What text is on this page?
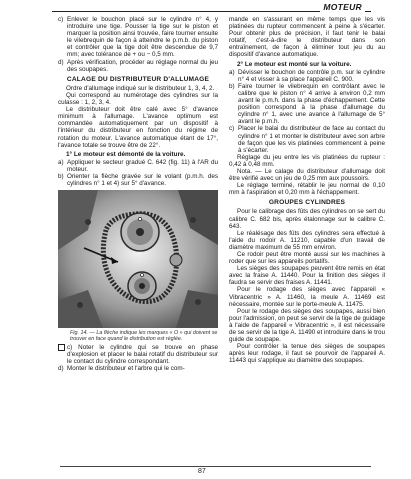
MOTEUR

c) Enlever le bouchon placé sur le cylindre n° 4, y introduire une tige. Pousser la tige sur le piston et marquer la position ainsi trouvée, faire tourner ensuite le vilebrequin de façon à atteindre le p.m.b. du piston et contrôler que la tige doit être descendue de 9,7 mm; avec tolérance de + ou − 0,5 mm.

d) Après vérification, procéder au réglage normal du jeu des soupapes.

CALAGE DU DISTRIBUTEUR D'ALLUMAGE

Ordre d'allumage indiqué sur le distributeur 1, 3, 4, 2.

Qui correspond au numérotage des cylindres sur la culasse : 1, 2, 3, 4.

Le distributeur doit être calé avec 5° d'avance minimum à l'allumage. L'avance optimum est commandée automatiquement par un dispositif à l'intérieur du distributeur en fonction du régime de rotation du moteur. L'avance automatique étant de 17°, l'avance totale se trouve être de 22°.

1° Le moteur est démonté de la voiture.

a) Appliquer le secteur gradué C. 642 (fig. 11) à l'AR du moteur.

b) Orienter la flèche gravée sur le volant (p.m.h. des cylindres n° 1 et 4) sur 5° d'avance.

Fig. 14. — La flèche indique les marques « O » qui doivent se trouver en face quand le distribution est réglée.

c) Noter le cylindre qui se trouve en phase d'explosion et placer le balai rotatif du distributeur sur le contact du cylindre correspondant.

d) Monter le distributeur et l'arbre qui le com-

mande en s'assurant en même temps que les vis platinées du rupteur commencent à peine à s'écarter. Pour obtenir plus de précision, il faut tenir le balai rotatif, c'est-à-dire le distributeur dans son entraînement, de façon à éliminer tout jeu du au dispositif d'avance automatique.

2° Le moteur est monté sur la voiture.

a) Dévisser le bouchon de contrôle p.m. sur le cylindre n° 4 et visser à sa place l'appareil C. 900.

b) Faire tourner le vilebrequin en contrôlant avec le calibre que le piston n° 4 arrive à environ 0,2 mm avant le p.m.h. dans la phase d'échappement. Cette position correspond à la phase d'allumage du cylindre n° 1, avec une avance à l'allumage de 5° avant le p.m.h.

c) Placer le balai du distributeur de face au contact du cylindre n° 1 et monter le distributeur avec son arbre de façon que les vis platinées commencent à peine à s'écarter.

Réglage du jeu entre les vis platinées du rupteur : 0,42 à 0,48 mm.

Nota. — Le calage du distributeur d'allumage doit être vérifié avec un jeu de 0,25 mm aux poussoirs.

Le réglage terminé, rétablir le jeu normal de 0,10 mm à l'aspiration et 0,20 mm à l'échappement.

GROUPES CYLINDRES

Pour le calibrage des fûts des cylindres on se sert du calibre C. 682 bis, après étalonnage sur le calibre C. 643.

Le réalésage des fûts des cylindres sera effectué à l'aide du rodoir A. 11210, capable d'un travail de diamètre maximum de 55 mm environ.

Ce rodoir peut être monté aussi sur les machines à roder que sur les appareils portatifs.

Les sièges des soupapes peuvent être remis en état avec la fraise A. 11440. Pour la finition des sièges il faudra se servir des fraises A. 11441.

Pour le rodage des sièges avec l'appareil « Vibracentric » A. 11460, la meule A. 11469 est nécessaire, montée sur le porte-meule A. 11475.

Pour le rodage des sièges des soupapes, aussi bien pour l'admission, on peut se servir de la tige de guidage à l'aide de l'appareil « Vibracentric », il est nécessaire de se servir de la tige A. 11490 et introduire dans le trou guide de soupape.

Pour contrôler la tenue des sièges de soupapes après leur rodage, il faut se pourvoir de l'appareil A. 11443 qui s'applique au diamètre des soupapes.

87
